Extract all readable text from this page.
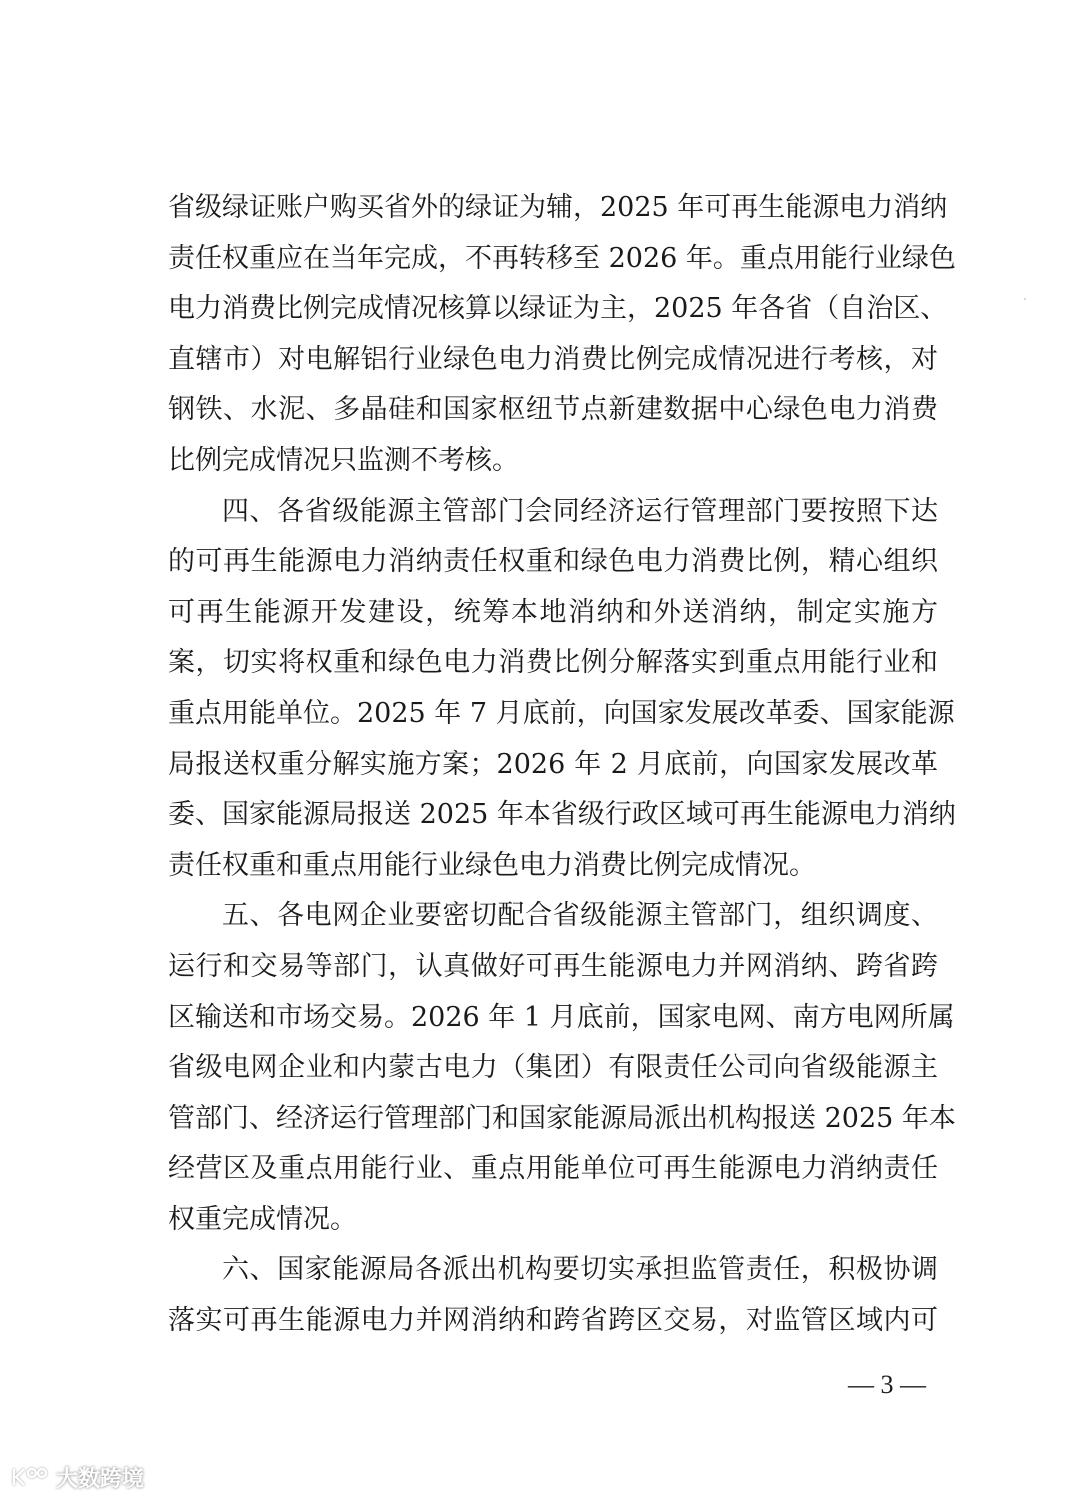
省级绿证账户购买省外的绿证为辅，2025 年可再生能源电力消纳
责任权重应在当年完成，不再转移至 2026 年。重点用能行业绿色
电力消费比例完成情况核算以绿证为主，2025 年各省（自治区、
直辖市）对电解铝行业绿色电力消费比例完成情况进行考核，对
钢铁、水泥、多晶硅和国家枢纽节点新建数据中心绿色电力消费
比例完成情况只监测不考核。
四、各省级能源主管部门会同经济运行管理部门要按照下达
的可再生能源电力消纳责任权重和绿色电力消费比例，精心组织
可再生能源开发建设，统筹本地消纳和外送消纳，制定实施方
案，切实将权重和绿色电力消费比例分解落实到重点用能行业和
重点用能单位。2025 年 7 月底前，向国家发展改革委、国家能源
局报送权重分解实施方案；2026 年 2 月底前，向国家发展改革
委、国家能源局报送 2025 年本省级行政区域可再生能源电力消纳
责任权重和重点用能行业绿色电力消费比例完成情况。
五、各电网企业要密切配合省级能源主管部门，组织调度、
运行和交易等部门，认真做好可再生能源电力并网消纳、跨省跨
区输送和市场交易。2026 年 1 月底前，国家电网、南方电网所属
省级电网企业和内蒙古电力（集团）有限责任公司向省级能源主
管部门、经济运行管理部门和国家能源局派出机构报送 2025 年本
经营区及重点用能行业、重点用能单位可再生能源电力消纳责任
权重完成情况。
六、国家能源局各派出机构要切实承担监管责任，积极协调
落实可再生能源电力并网消纳和跨省跨区交易，对监管区域内可
— 3 —
大数跨境
